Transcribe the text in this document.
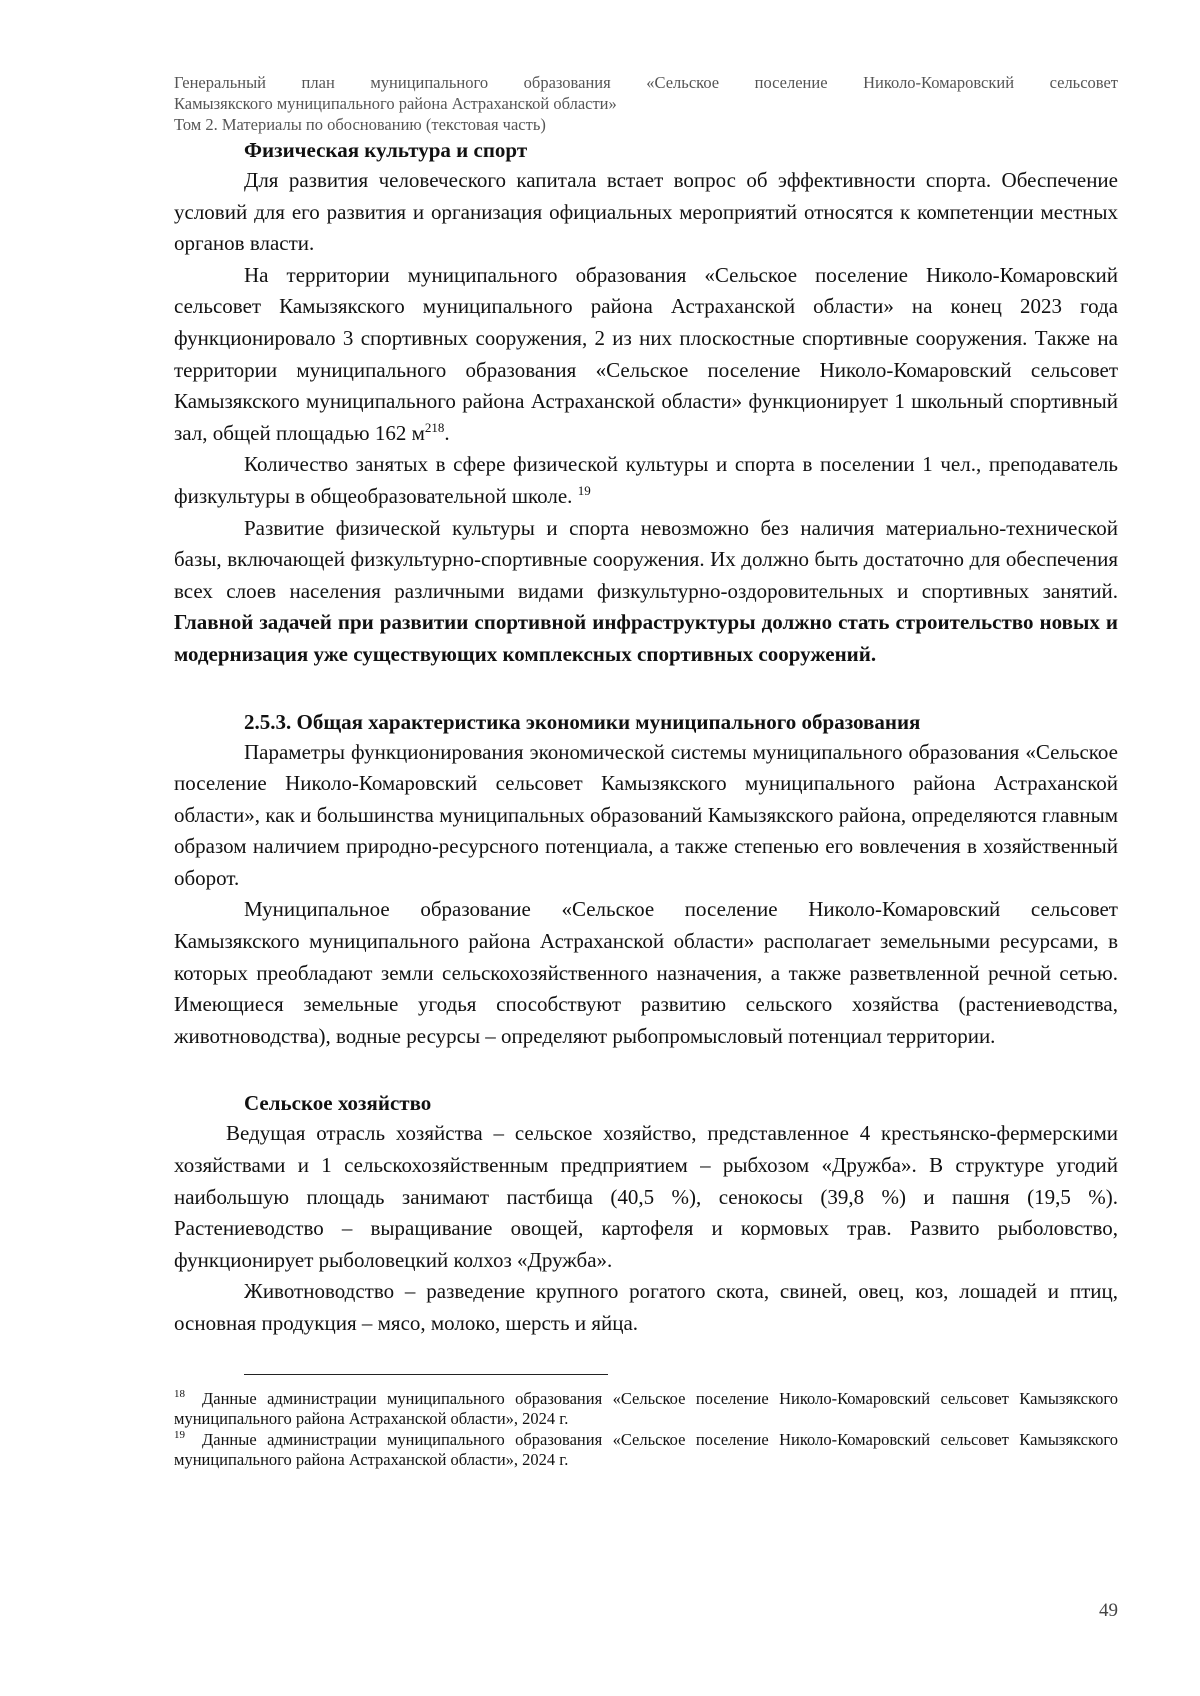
Генеральный план муниципального образования «Сельское поселение Николо-Комаровский сельсовет
Камызякского муниципального района Астраханской области»
Том 2. Материалы по обоснованию (текстовая часть)
Физическая культура и спорт

Для развития человеческого капитала встает вопрос об эффективности спорта. Обеспечение условий для его развития и организация официальных мероприятий относятся к компетенции местных органов власти.

На территории муниципального образования «Сельское поселение Николо-Комаровский сельсовет Камызякского муниципального района Астраханской области» на конец 2023 года функционировало 3 спортивных сооружения, 2 из них плоскостные спортивные сооружения. Также на территории муниципального образования «Сельское поселение Николо-Комаровский сельсовет Камызякского муниципального района Астраханской области» функционирует 1 школьный спортивный зал, общей площадью 162 $м^{218}$.

Количество занятых в сфере физической культуры и спорта в поселении 1 чел., преподаватель физкультуры в общеобразовательной школе. $^{19}$

Развитие физической культуры и спорта невозможно без наличия материально-технической базы, включающей физкультурно-спортивные сооружения. Их должно быть достаточно для обеспечения всех слоев населения различными видами физкультурно-оздоровительных и спортивных занятий. Главной задачей при развитии спортивной инфраструктуры должно стать строительство новых и модернизация уже существующих комплексных спортивных сооружений.

2.5.3. Общая характеристика экономики муниципального образования

Параметры функционирования экономической системы муниципального образования «Сельское поселение Николо-Комаровский сельсовет Камызякского муниципального района Астраханской области», как и большинства муниципальных образований Камызякского района, определяются главным образом наличием природно-ресурсного потенциала, а также степенью его вовлечения в хозяйственный оборот.

Муниципальное образование «Сельское поселение Николо-Комаровский сельсовет Камызякского муниципального района Астраханской области» располагает земельными ресурсами, в которых преобладают земли сельскохозяйственного назначения, а также разветвленной речной сетью. Имеющиеся земельные угодья способствуют развитию сельского хозяйства (растениеводства, животноводства), водные ресурсы – определяют рыбопромысловый потенциал территории.

Сельское хозяйство

Ведущая отрасль хозяйства – сельское хозяйство, представленное 4 крестьянско-фермерскими хозяйствами и 1 сельскохозяйственным предприятием – рыбхозом «Дружба». В структуре угодий наибольшую площадь занимают пастбища (40,5 %), сенокосы (39,8 %) и пашня (19,5 %). Растениеводство – выращивание овощей, картофеля и кормовых трав. Развито рыболовство, функционирует рыболовецкий колхоз «Дружба».

Животноводство – разведение крупного рогатого скота, свиней, овец, коз, лошадей и птиц, основная продукция – мясо, молоко, шерсть и яйца.

$^{18}$ Данные администрации муниципального образования «Сельское поселение Николо-Комаровский сельсовет Камызякского муниципального района Астраханской области», 2024 г.
$^{19}$ Данные администрации муниципального образования «Сельское поселение Николо-Комаровский сельсовет Камызякского муниципального района Астраханской области», 2024 г.
49
